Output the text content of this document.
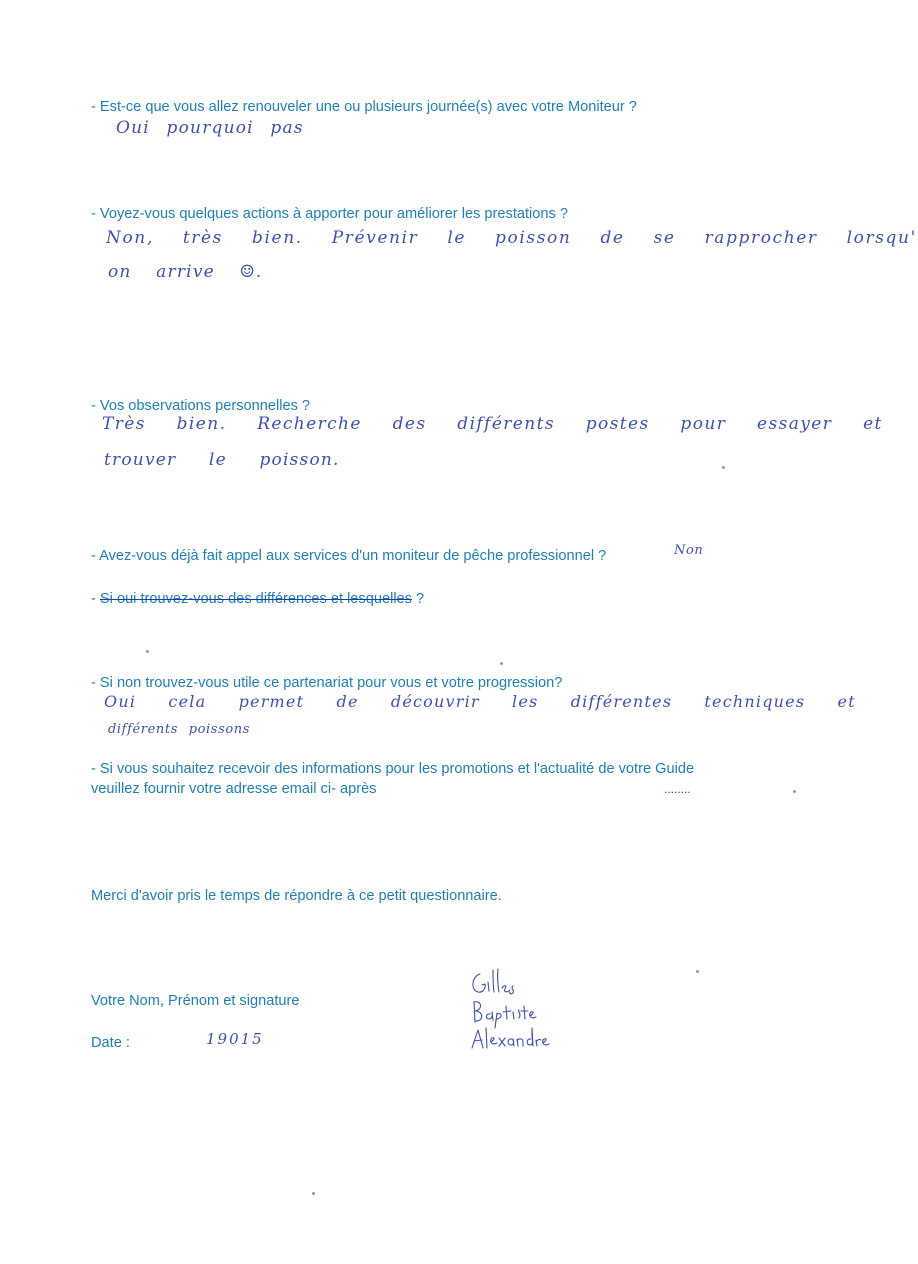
- Est-ce que vous allez renouveler une ou plusieurs journée(s) avec votre Moniteur ?
Oui pourquoi pas
- Voyez-vous quelques actions à apporter pour améliorer les prestations ?
Non, très bien. Prévenir le poisson de se rapprocher lorsqu'
on arrive ☺.
- Vos observations personnelles ?
Très bien. Recherche des différents postes pour essayer et
trouver le poisson.
- Avez-vous déjà fait appel aux services d'un moniteur de pêche professionnel ?	Non
- Si oui trouvez-vous des différences et lesquelles ?
- Si non trouvez-vous utile ce partenariat pour vous et votre progression?
Oui cela permet de découvrir les différentes techniques et
différents poissons
- Si vous souhaitez recevoir des informations pour les promotions et l'actualité de votre Guide
veuillez fournir votre adresse email ci- après	........
Merci d'avoir pris le temps de répondre à ce petit questionnaire.
Votre Nom, Prénom et signature
Date :	19015
